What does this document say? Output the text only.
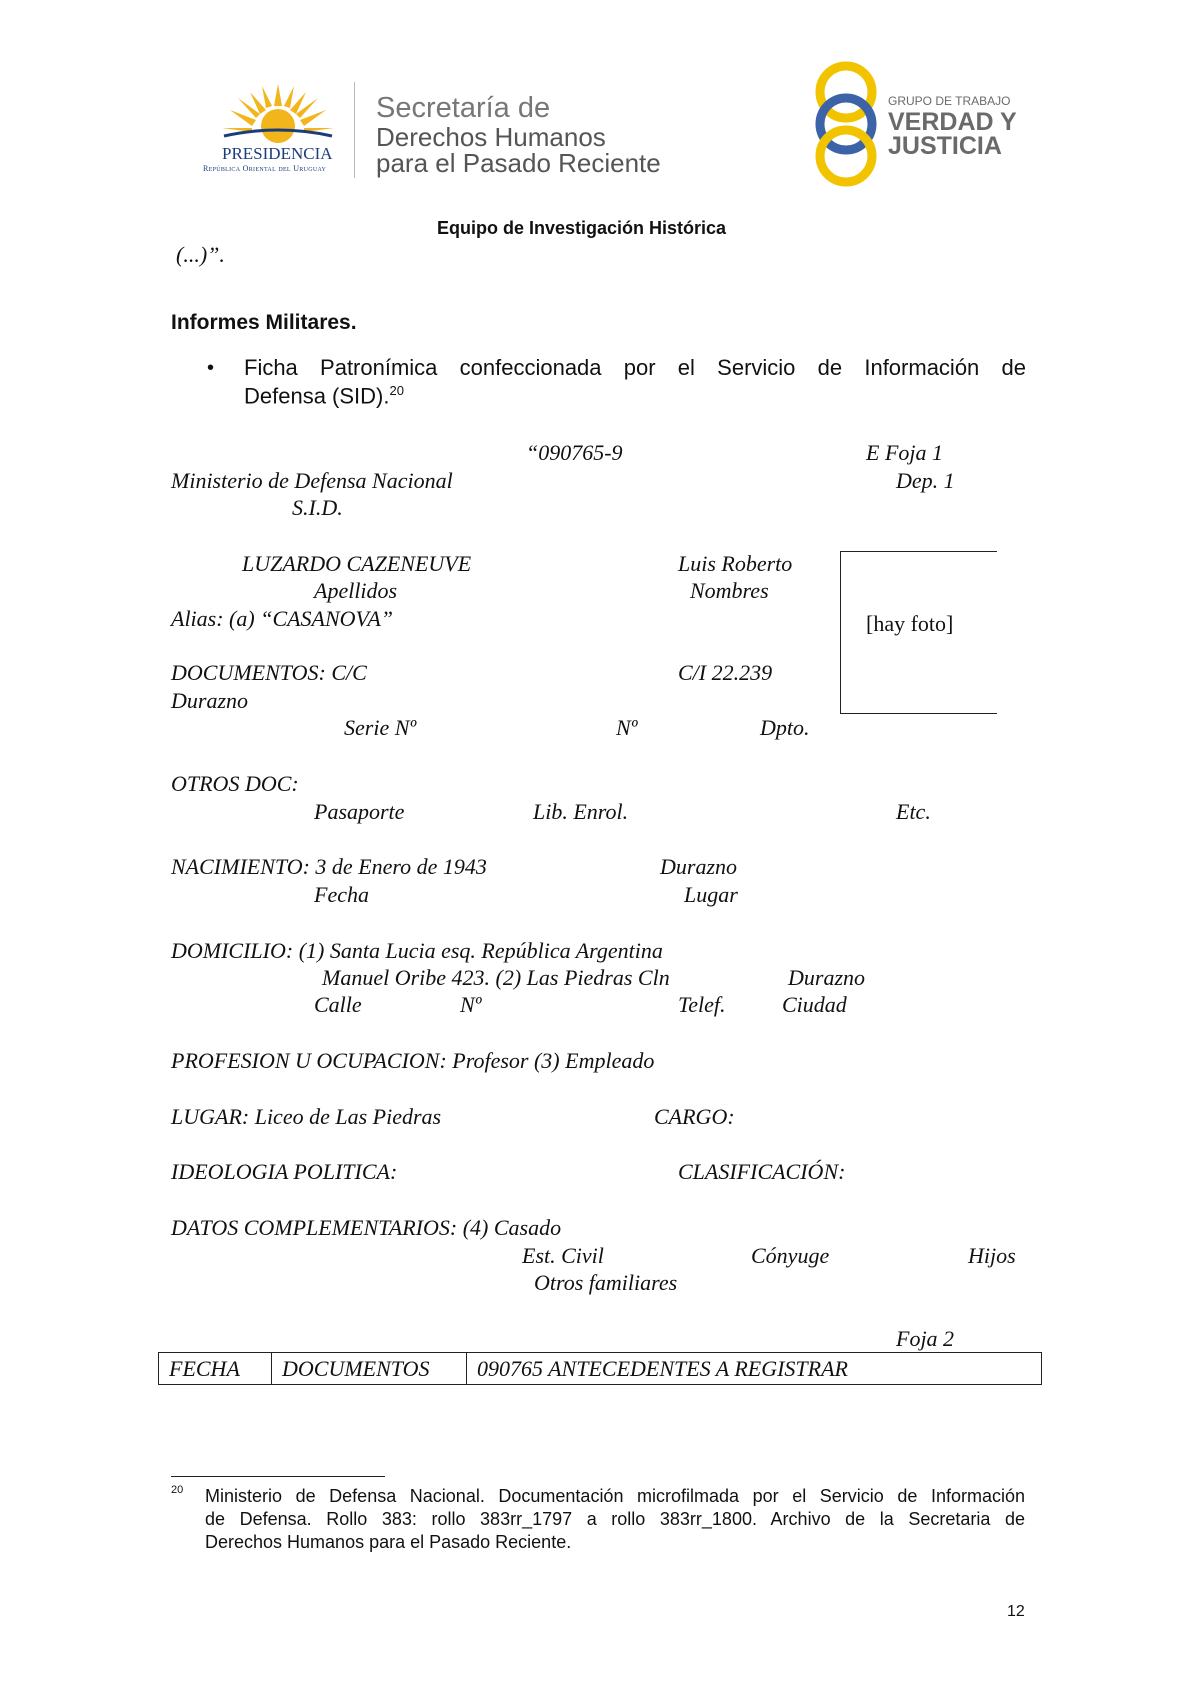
PRESIDENCIA
República Oriental del Uruguay
Secretaría de
Derechos Humanos
para el Pasado Reciente
GRUPO DE TRABAJO
VERDAD Y
JUSTICIA
Equipo de Investigación Histórica
(...)”.
Informes Militares.
• Ficha Patronímica confeccionada por el Servicio de Información de
Defensa (SID).$^{20}$
“090765-9	E Foja 1
Ministerio de Defensa Nacional	Dep. 1
S.I.D.
LUZARDO CAZENEUVE	Luis Roberto
Apellidos	Nombres
Alias: (a) “CASANOVA”	[hay foto]
DOCUMENTOS: C/C	C/I 22.239
Durazno
Serie Nº	Nº	Dpto.
OTROS DOC:
Pasaporte	Lib. Enrol.	Etc.
NACIMIENTO: 3 de Enero de 1943	Durazno
Fecha	Lugar
DOMICILIO: (1) Santa Lucia esq. República Argentina
Manuel Oribe 423. (2) Las Piedras Cln	Durazno
Calle	Nº	Telef.	Ciudad
PROFESION U OCUPACION: Profesor (3) Empleado
LUGAR: Liceo de Las Piedras	CARGO:
IDEOLOGIA POLITICA:	CLASIFICACIÓN:
DATOS COMPLEMENTARIOS: (4) Casado
Est. Civil	Cónyuge	Hijos
Otros familiares
Foja 2
FECHA	DOCUMENTOS	090765 ANTECEDENTES A REGISTRAR
20 Ministerio de Defensa Nacional. Documentación microfilmada por el Servicio de Información
de Defensa. Rollo 383: rollo 383rr_1797 a rollo 383rr_1800. Archivo de la Secretaria de
Derechos Humanos para el Pasado Reciente.
12
